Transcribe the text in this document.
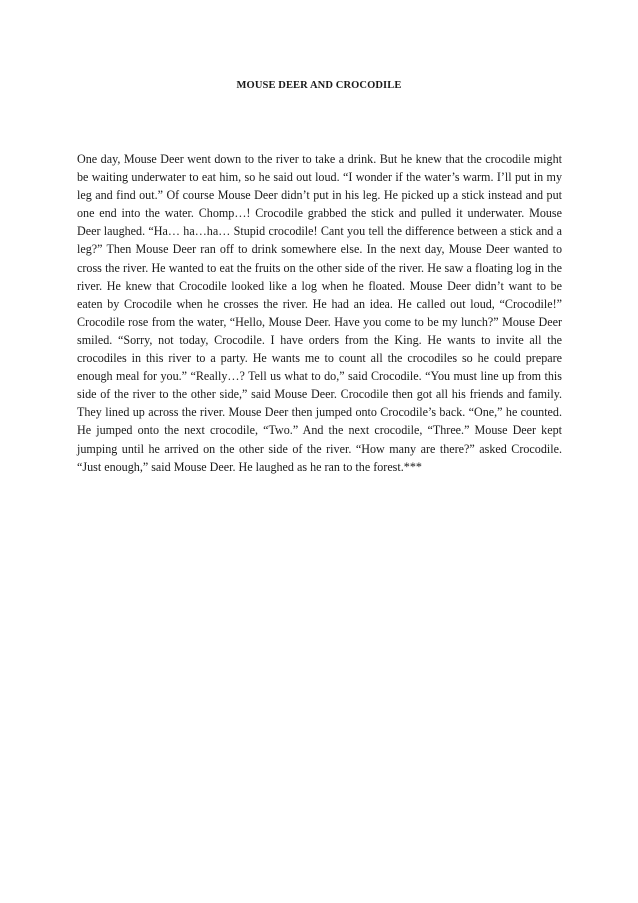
MOUSE DEER AND CROCODILE

One day, Mouse Deer went down to the river to take a drink. But he knew that the crocodile might be waiting underwater to eat him, so he said out loud. “I wonder if the water’s warm. I’ll put in my leg and find out.” Of course Mouse Deer didn’t put in his leg. He picked up a stick instead and put one end into the water. Chomp…! Crocodile grabbed the stick and pulled it underwater. Mouse Deer laughed. “Ha… ha…ha… Stupid crocodile! Cant you tell the difference between a stick and a leg?” Then Mouse Deer ran off to drink somewhere else. In the next day, Mouse Deer wanted to cross the river. He wanted to eat the fruits on the other side of the river. He saw a floating log in the river. He knew that Crocodile looked like a log when he floated. Mouse Deer didn’t want to be eaten by Crocodile when he crosses the river. He had an idea. He called out loud, “Crocodile!” Crocodile rose from the water, “Hello, Mouse Deer. Have you come to be my lunch?” Mouse Deer smiled. “Sorry, not today, Crocodile. I have orders from the King. He wants to invite all the crocodiles in this river to a party. He wants me to count all the crocodiles so he could prepare enough meal for you.” “Really…? Tell us what to do,” said Crocodile. “You must line up from this side of the river to the other side,” said Mouse Deer. Crocodile then got all his friends and family. They lined up across the river. Mouse Deer then jumped onto Crocodile’s back. “One,” he counted. He jumped onto the next crocodile, “Two.” And the next crocodile, “Three.” Mouse Deer kept jumping until he arrived on the other side of the river. “How many are there?” asked Crocodile. “Just enough,” said Mouse Deer. He laughed as he ran to the forest.***
